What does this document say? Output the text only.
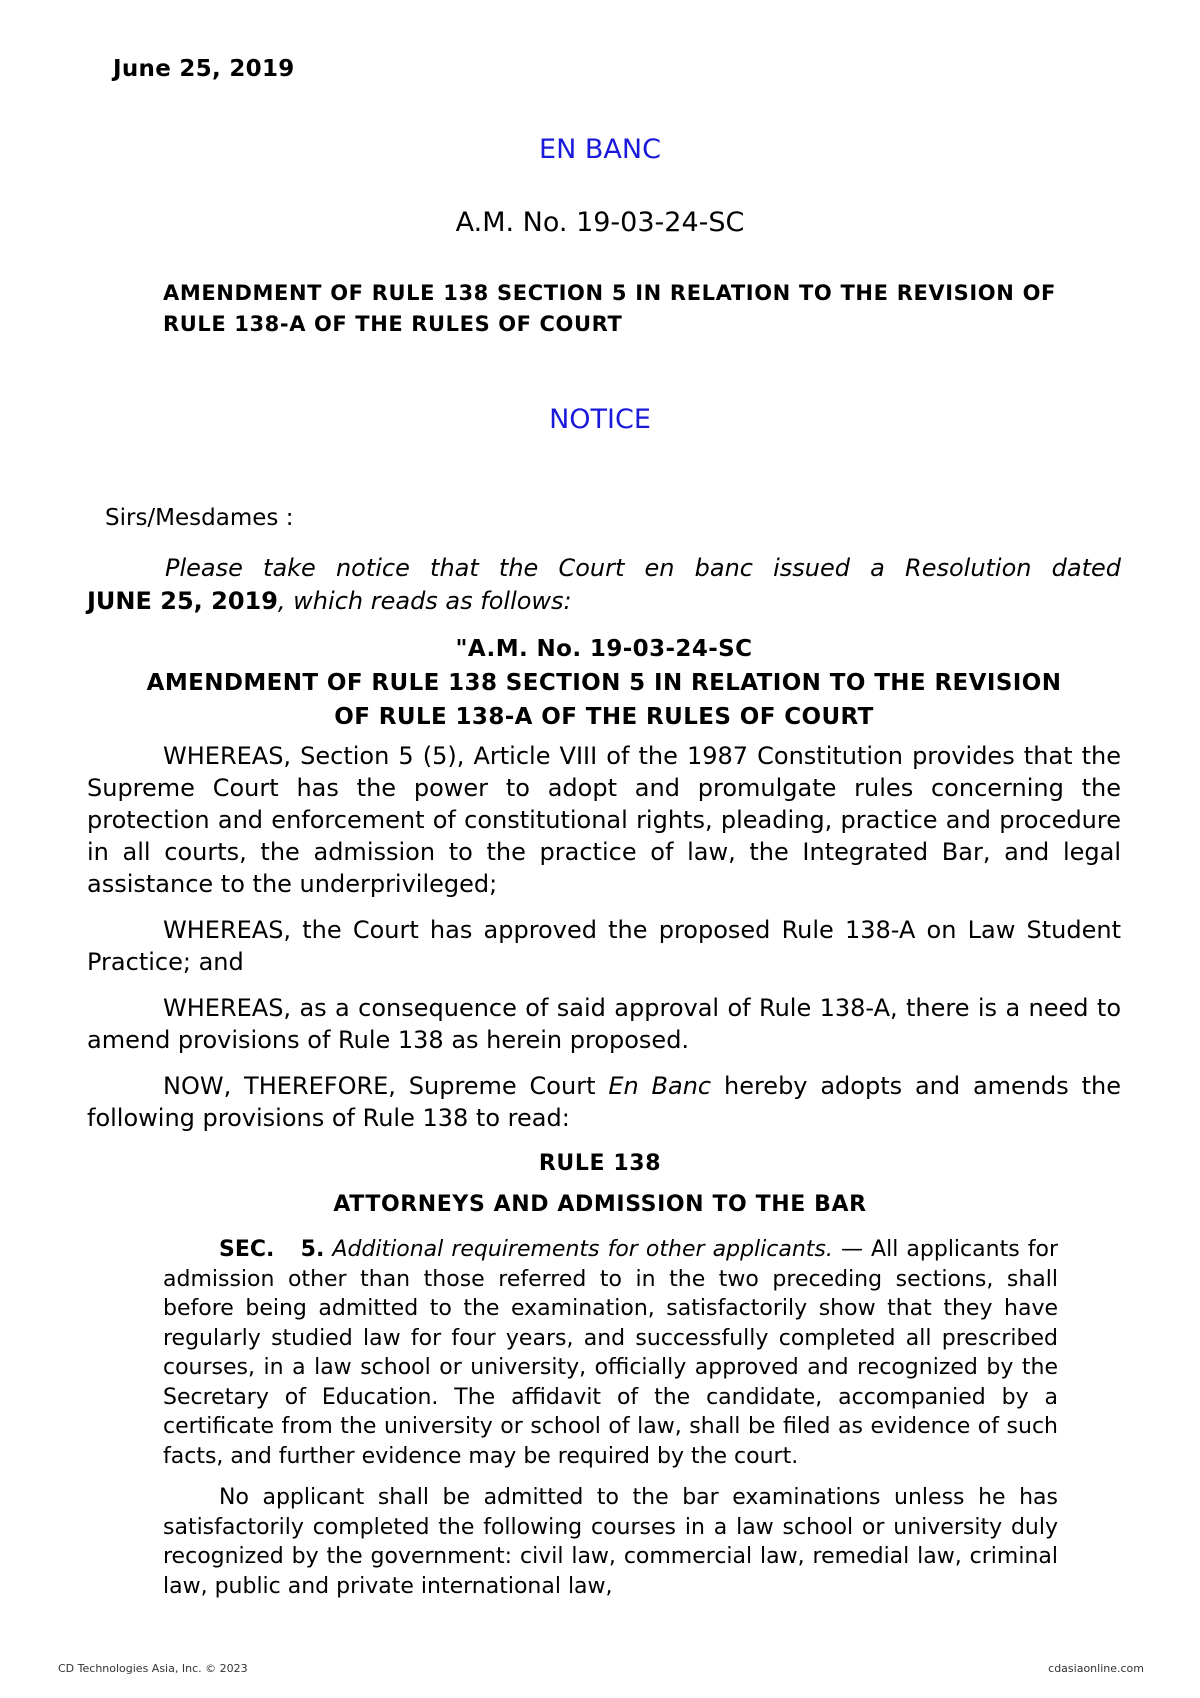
June 25, 2019
EN BANC
A.M. No. 19-03-24-SC
AMENDMENT OF RULE 138 SECTION 5 IN RELATION TO THE REVISION OF RULE 138-A OF THE RULES OF COURT
NOTICE
Sirs/Mesdames :
Please take notice that the Court en banc issued a Resolution dated
JUNE 25, 2019, which reads as follows:
"A.M. No. 19-03-24-SC
AMENDMENT OF RULE 138 SECTION 5 IN RELATION TO THE REVISION
OF RULE 138-A OF THE RULES OF COURT

WHEREAS, Section 5 (5), Article VIII of the 1987 Constitution provides that the Supreme Court has the power to adopt and promulgate rules concerning the protection and enforcement of constitutional rights, pleading, practice and procedure in all courts, the admission to the practice of law, the Integrated Bar, and legal assistance to the underprivileged;

WHEREAS, the Court has approved the proposed Rule 138-A on Law Student Practice; and

WHEREAS, as a consequence of said approval of Rule 138-A, there is a need to amend provisions of Rule 138 as herein proposed.

NOW, THEREFORE, Supreme Court En Banc hereby adopts and amends the following provisions of Rule 138 to read:

RULE 138
ATTORNEYS AND ADMISSION TO THE BAR

SEC.   5. Additional requirements for other applicants. — All applicants for admission other than those referred to in the two preceding sections, shall before being admitted to the examination, satisfactorily show that they have regularly studied law for four years, and successfully completed all prescribed courses, in a law school or university, officially approved and recognized by the Secretary of Education. The affidavit of the candidate, accompanied by a certificate from the university or school of law, shall be filed as evidence of such facts, and further evidence may be required by the court.

No applicant shall be admitted to the bar examinations unless he has satisfactorily completed the following courses in a law school or university duly recognized by the government: civil law, commercial law, remedial law, criminal law, public and private international law,

CD Technologies Asia, Inc. © 2023	cdasiaonline.com
